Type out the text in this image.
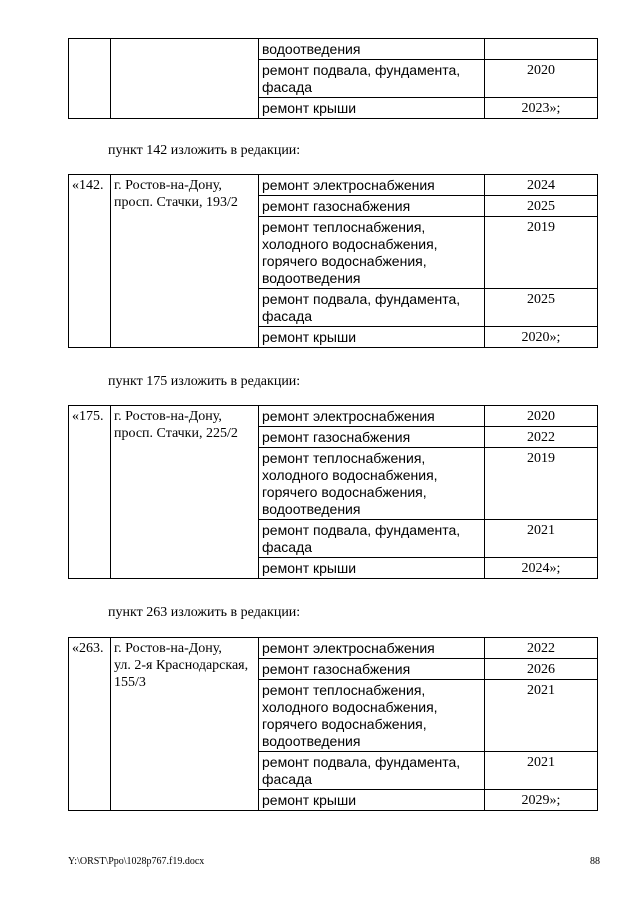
		водоотведения	
		ремонт подвала, фундамента,
фасада	2020
		ремонт крыши	2023»;
пункт 142 изложить в редакции:
«142.	г. Ростов-на-Дону,
просп. Стачки, 193/2	ремонт электроснабжения	2024
		ремонт газоснабжения	2025
		ремонт теплоснабжения,
холодного водоснабжения,
горячего водоснабжения,
водоотведения	2019
		ремонт подвала, фундамента,
фасада	2025
		ремонт крыши	2020»;
пункт 175 изложить в редакции:
«175.	г. Ростов-на-Дону,
просп. Стачки, 225/2	ремонт электроснабжения	2020
		ремонт газоснабжения	2022
		ремонт теплоснабжения,
холодного водоснабжения,
горячего водоснабжения,
водоотведения	2019
		ремонт подвала, фундамента,
фасада	2021
		ремонт крыши	2024»;
пункт 263 изложить в редакции:
«263.	г. Ростов-на-Дону,
ул. 2-я Краснодарская,
155/3	ремонт электроснабжения	2022
		ремонт газоснабжения	2026
		ремонт теплоснабжения,
холодного водоснабжения,
горячего водоснабжения,
водоотведения	2021
		ремонт подвала, фундамента,
фасада	2021
		ремонт крыши	2029»;
Y:\ORST\Ppo\1028p767.f19.docx	88
